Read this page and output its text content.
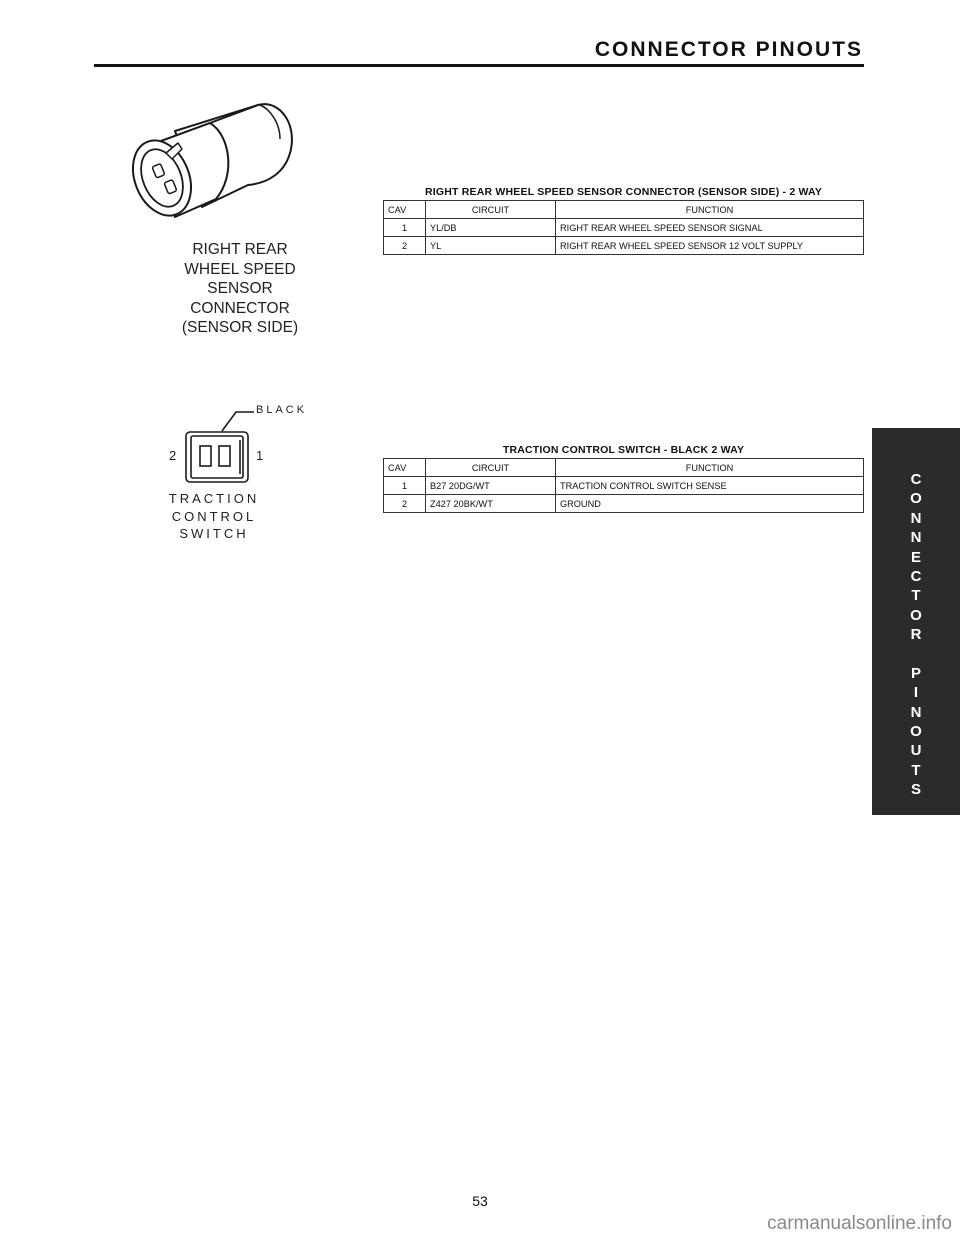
CONNECTOR PINOUTS
C
O
N
N
E
C
T
O
R
P
I
N
O
U
T
S
RIGHT REAR
WHEEL SPEED
SENSOR
CONNECTOR
(SENSOR SIDE)
BLACK
2	1
TRACTION
CONTROL
SWITCH
RIGHT REAR WHEEL SPEED SENSOR CONNECTOR (SENSOR SIDE) - 2 WAY
CAV	CIRCUIT	FUNCTION
1	YL/DB	RIGHT REAR WHEEL SPEED SENSOR SIGNAL
2	YL	RIGHT REAR WHEEL SPEED SENSOR 12 VOLT SUPPLY
TRACTION CONTROL SWITCH - BLACK 2 WAY
CAV	CIRCUIT	FUNCTION
1	B27 20DG/WT	TRACTION CONTROL SWITCH SENSE
2	Z427 20BK/WT	GROUND
53
carmanualsonline.info
